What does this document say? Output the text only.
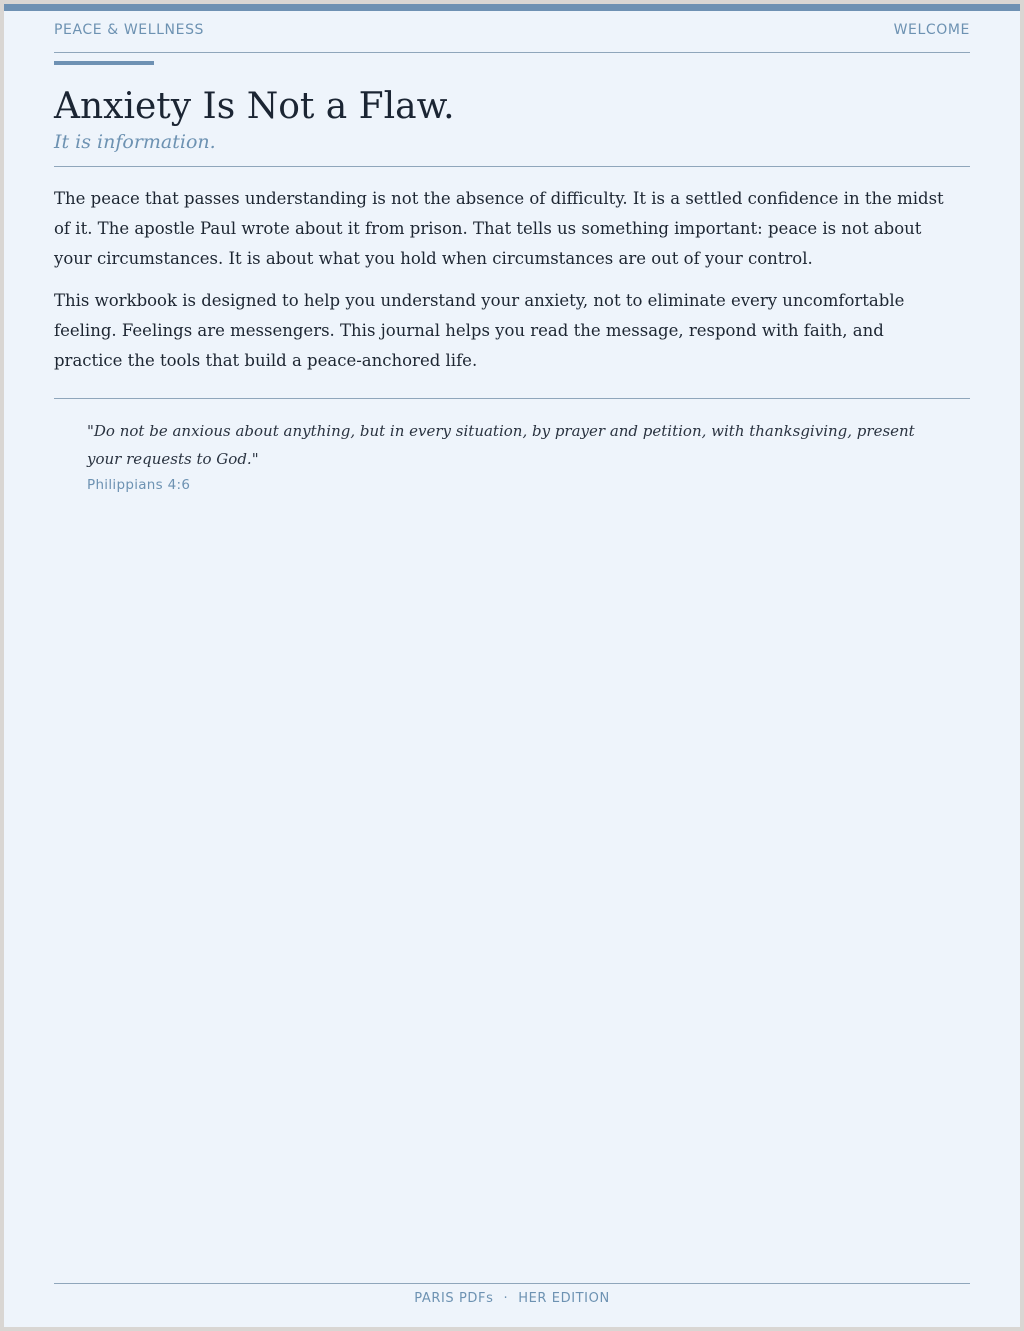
PEACE & WELLNESS	WELCOME
Anxiety Is Not a Flaw.

It is information.

The peace that passes understanding is not the absence of difficulty. It is a settled confidence in the midst of it. The apostle Paul wrote about it from prison. That tells us something important: peace is not about your circumstances. It is about what you hold when circumstances are out of your control.

This workbook is designed to help you understand your anxiety, not to eliminate every uncomfortable feeling. Feelings are messengers. This journal helps you read the message, respond with faith, and practice the tools that build a peace-anchored life.

"Do not be anxious about anything, but in every situation, by prayer and petition, with thanksgiving, present your requests to God."

Philippians 4:6

PARIS PDFs · HER EDITION
